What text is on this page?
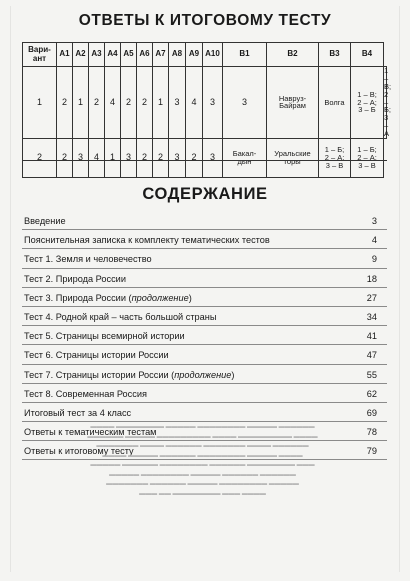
ОТВЕТЫ К ИТОГОВОМУ ТЕСТУ
Вари-
ант	А1	А2	А3	А4	А5	А6	А7	А8	А9	А10	В1	В2	В3	В4	
1	2	1	2	4	2	2	1	3	4	3	3	Навруз-
Байрам	Волга	1 – В;
2 – А;
3 – Б	1 – В;
2 – Б;
3 – А
2	2	3	4	1	3	2	2	3	2	3	Бакал-
дын	Уральские
горы	1 – Б;
2 – А;
3 – В	1 – Б;
2 – А;
3 – В	
СОДЕРЖАНИЕ
Введение	3
Пояснительная записка к комплекту тематических тестов	4
Тест 1. Земля и человечество	9
Тест 2. Природа России	18
Тест 3. Природа России (продолжение)	27
Тест 4. Родной край – часть большой страны	34
Тест 5. Страницы всемирной истории	41
Тест 6. Страницы истории России	47
Тест 7. Страницы истории России (продолжение)	55
Тест 8. Современная Россия	62
Итоговый тест за 4 класс	69
Ответы к тематическим тестам	78
Ответы к итоговому тесту	79
▬▬▬▬ ▬▬▬▬▬▬▬▬ ▬▬▬▬▬ ▬▬▬▬▬▬▬▬ ▬▬▬▬▬ ▬▬▬▬▬▬
▬▬▬▬▬▬ ▬▬▬▬▬ ▬▬▬▬▬▬▬▬▬ ▬▬▬▬ ▬▬▬▬▬▬▬▬▬ ▬▬▬▬
▬▬▬▬▬▬▬ ▬▬▬▬ ▬▬▬▬▬▬ ▬▬▬▬▬▬▬ ▬▬▬▬ ▬▬▬▬▬▬
▬▬▬▬ ▬▬▬▬▬ ▬▬▬▬▬▬ ▬▬▬▬▬▬▬▬ ▬▬▬▬▬ ▬▬▬▬
▬▬▬▬▬ ▬▬▬▬▬▬ ▬▬▬▬▬▬▬▬ ▬▬▬▬▬▬ ▬▬▬▬▬▬▬▬ ▬▬▬
▬▬▬▬▬ ▬▬▬▬▬▬▬▬ ▬▬▬▬▬ ▬▬▬▬▬▬ ▬▬▬▬▬▬
▬▬▬▬▬▬▬ ▬▬▬▬▬▬ ▬▬▬▬▬ ▬▬▬▬▬▬▬▬ ▬▬▬▬▬
▬▬▬ ▬▬ ▬▬▬▬▬▬▬▬ ▬▬▬ ▬▬▬▬
